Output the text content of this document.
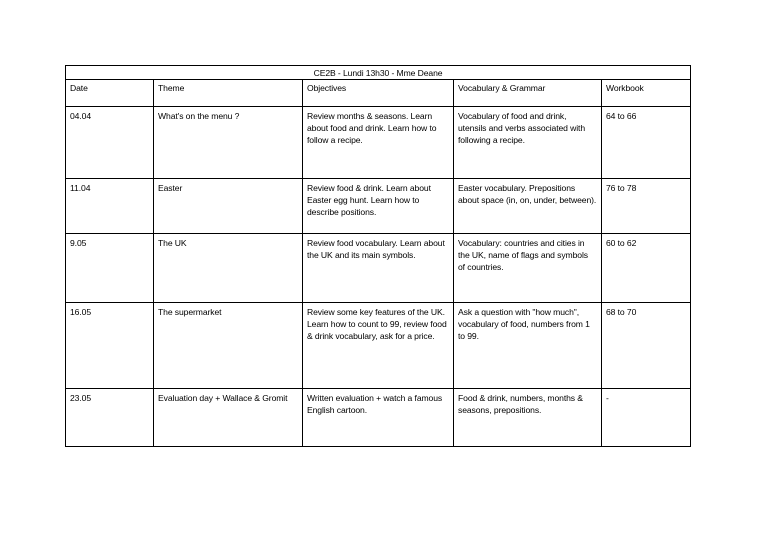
CE2B - Lundi 13h30 - Mme Deane				
Date	Theme	Objectives	Vocabulary & Grammar	Workbook
04.04	What's on the menu ?	Review months & seasons. Learn about food and drink. Learn how to follow a recipe.	Vocabulary of food and drink, utensils and verbs associated with following a recipe.	64 to 66
11.04	Easter	Review food & drink. Learn about Easter egg hunt. Learn how to describe positions.	Easter vocabulary. Prepositions about space (in, on, under, between).	76 to 78
9.05	The UK	Review food vocabulary. Learn about the UK and its main symbols.	Vocabulary: countries and cities in the UK, name of flags and symbols of countries.	60 to 62
16.05	The supermarket	Review some key features of the UK. Learn how to count to 99, review food & drink vocabulary, ask for a price.	Ask a question with "how much", vocabulary of food, numbers from 1 to 99.	68 to 70
23.05	Evaluation day + Wallace & Gromit	Written evaluation + watch a famous English cartoon.	Food & drink, numbers, months & seasons, prepositions.	-
